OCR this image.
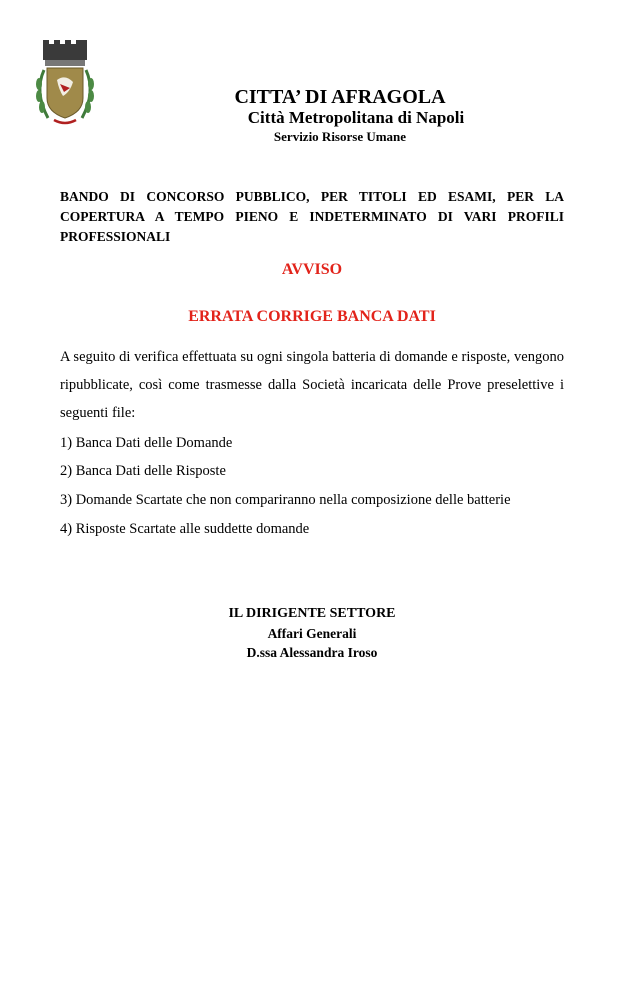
CITTA’ DI AFRAGOLA

Città Metropolitana di Napoli

Servizio Risorse Umane

BANDO DI CONCORSO PUBBLICO, PER TITOLI ED ESAMI, PER LA
COPERTURA A TEMPO PIENO E INDETERMINATO DI VARI PROFILI
PROFESSIONALI

AVVISO

ERRATA CORRIGE BANCA DATI

A seguito di verifica effettuata su ogni singola batteria di domande e risposte, vengono ripubblicate, così come trasmesse dalla Società incaricata delle Prove preselettive i seguenti file:

1) Banca Dati delle Domande

2) Banca Dati delle Risposte

3) Domande Scartate che non compariranno nella composizione delle batterie

4) Risposte Scartate alle suddette domande

IL DIRIGENTE SETTORE
Affari Generali
D.ssa Alessandra Iroso
